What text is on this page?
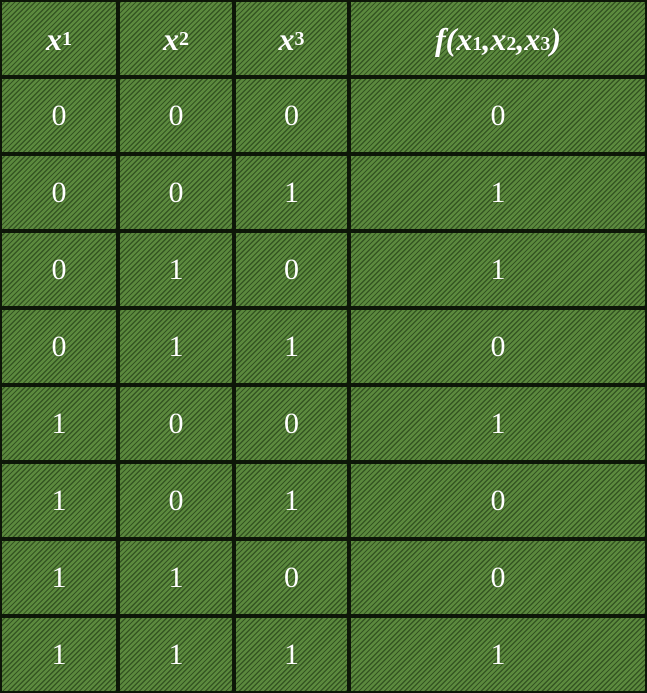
x 1	x 2	x 3	f( x 1 , x 2 , x 3 )
0	0	0	0
0	0	1	1
0	1	0	1
0	1	1	0
1	0	0	1
1	0	1	0
1	1	0	0
1	1	1	1
